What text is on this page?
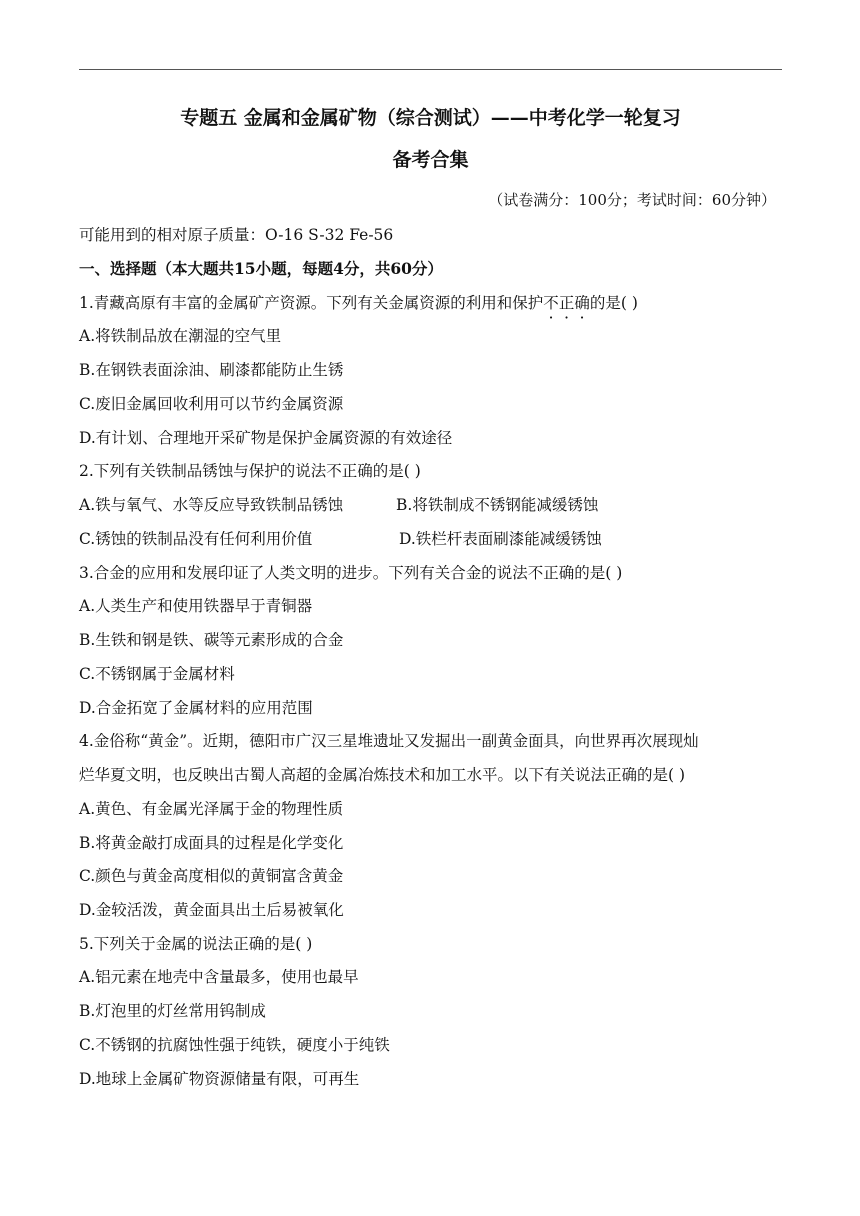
专题五 金属和金属矿物（综合测试）——中考化学一轮复习
备考合集
（试卷满分：100分；考试时间：60分钟）
可能用到的相对原子质量：O-16 S-32 Fe-56
一、选择题（本大题共15小题，每题4分，共60分）
1.青藏高原有丰富的金属矿产资源。下列有关金属资源的利用和保护不正确的是( )
A.将铁制品放在潮湿的空气里
B.在钢铁表面涂油、刷漆都能防止生锈
C.废旧金属回收利用可以节约金属资源
D.有计划、合理地开采矿物是保护金属资源的有效途径
2.下列有关铁制品锈蚀与保护的说法不正确的是( )
A.铁与氧气、水等反应导致铁制品锈蚀	B.将铁制成不锈钢能减缓锈蚀
C.锈蚀的铁制品没有任何利用价值	D.铁栏杆表面刷漆能减缓锈蚀
3.合金的应用和发展印证了人类文明的进步。下列有关合金的说法不正确的是( )
A.人类生产和使用铁器早于青铜器
B.生铁和钢是铁、碳等元素形成的合金
C.不锈钢属于金属材料
D.合金拓宽了金属材料的应用范围
4.金俗称“黄金”。近期，德阳市广汉三星堆遗址又发掘出一副黄金面具，向世界再次展现灿
烂华夏文明，也反映出古蜀人高超的金属冶炼技术和加工水平。以下有关说法正确的是( )
A.黄色、有金属光泽属于金的物理性质
B.将黄金敲打成面具的过程是化学变化
C.颜色与黄金高度相似的黄铜富含黄金
D.金较活泼，黄金面具出土后易被氧化
5.下列关于金属的说法正确的是( )
A.铝元素在地壳中含量最多，使用也最早
B.灯泡里的灯丝常用钨制成
C.不锈钢的抗腐蚀性强于纯铁，硬度小于纯铁
D.地球上金属矿物资源储量有限，可再生
